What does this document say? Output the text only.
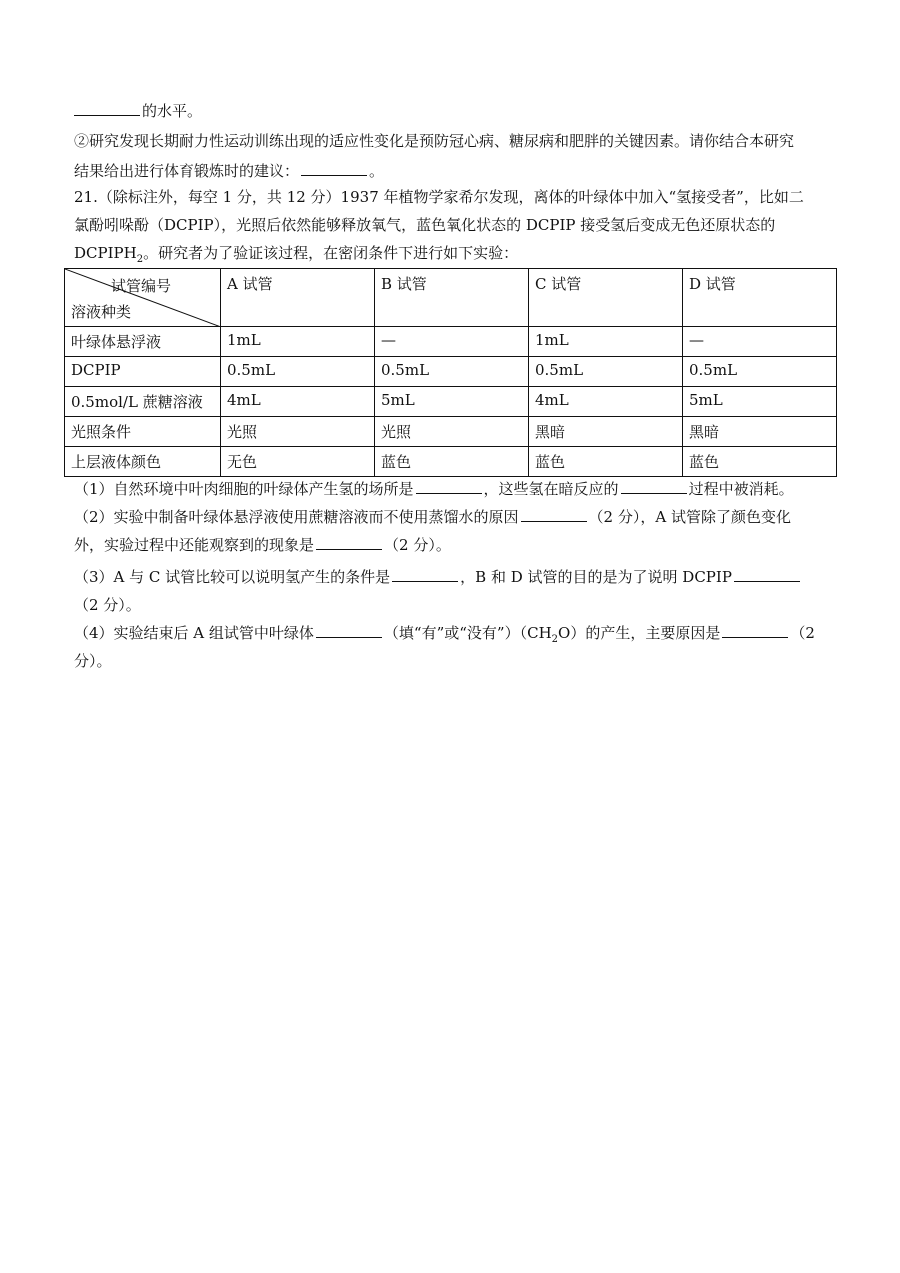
的水平。
②研究发现长期耐力性运动训练出现的适应性变化是预防冠心病、糖尿病和肥胖的关键因素。请你结合本研究
结果给出进行体育锻炼时的建议：	。
21.（除标注外，每空 1 分，共 12 分）1937 年植物学家希尔发现，离体的叶绿体中加入“氢接受者”，比如二
氯酚吲哚酚（DCPIP），光照后依然能够释放氧气，蓝色氧化状态的 DCPIP 接受氢后变成无色还原状态的
$DCPIPH_2$。研究者为了验证该过程，在密闭条件下进行如下实验：
试管编号
溶液种类	A 试管	B 试管	C 试管	D 试管
叶绿体悬浮液	1mL	—	1mL	—
DCPIP	0.5mL	0.5mL	0.5mL	0.5mL
0.5mol/L 蔗糖溶液	4mL	5mL	4mL	5mL
光照条件	光照	光照	黑暗	黑暗
上层液体颜色	无色	蓝色	蓝色	蓝色
（1）自然环境中叶肉细胞的叶绿体产生氢的场所是	，这些氢在暗反应的	过程中被消耗。
（2）实验中制备叶绿体悬浮液使用蔗糖溶液而不使用蒸馏水的原因	（2 分），A 试管除了颜色变化
外，实验过程中还能观察到的现象是	（2 分）。
（3）A 与 C 试管比较可以说明氢产生的条件是	，B 和 D 试管的目的是为了说明 DCPIP
（2 分）。
（4）实验结束后 A 组试管中叶绿体	（填“有”或“没有$”)(CH_2O)$的产生，主要原因是	（2
分）。
